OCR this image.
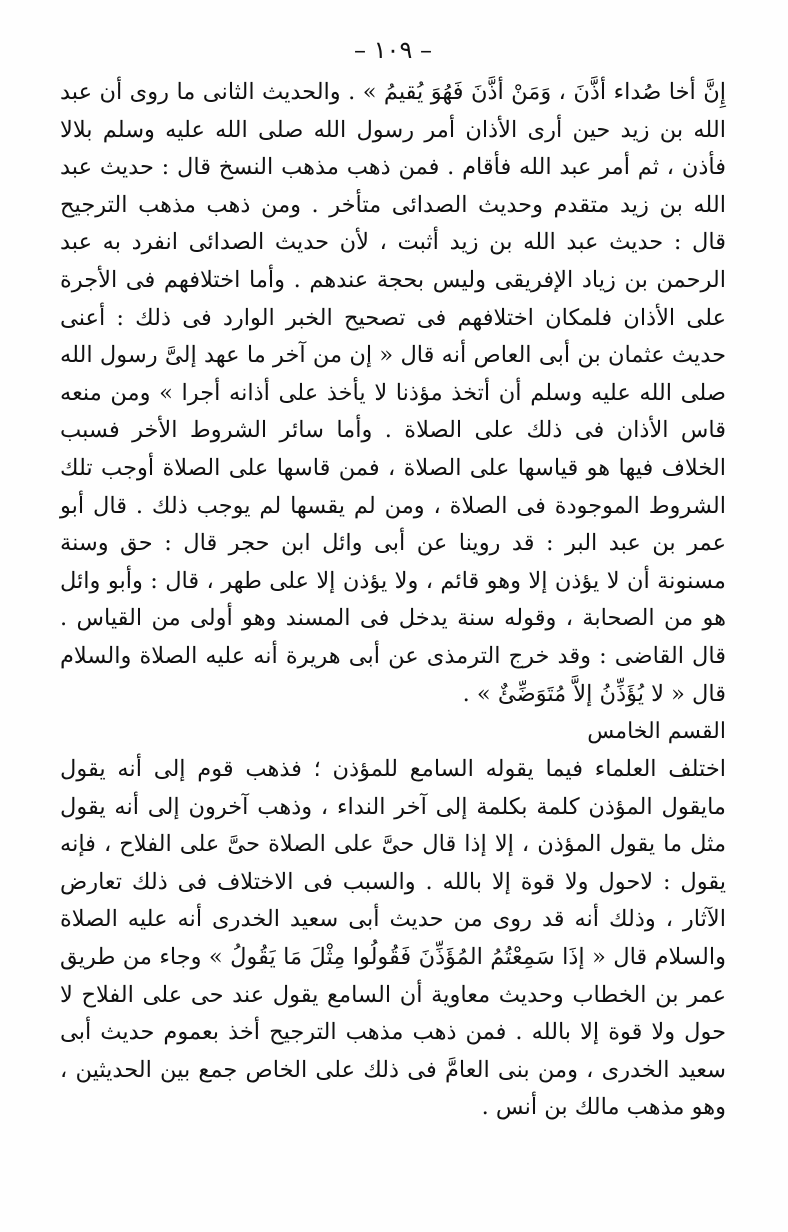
– ١٠٩ –

إِنَّ أخا صُداء أذَّنَ ، وَمَنْ أذَّنَ فَهُوَ يُقيمُ » . والحديث الثانى ما روى أن عبد الله بن زيد حين أرى الأذان أمر رسول الله صلى الله عليه وسلم بلالا فأذن ، ثم أمر عبد الله فأقام . فمن ذهب مذهب النسخ قال : حديث عبد الله بن زيد متقدم وحديث الصدائى متأخر . ومن ذهب مذهب الترجيح قال : حديث عبد الله بن زيد أثبت ، لأن حديث الصدائى انفرد به عبد الرحمن بن زياد الإفريقى وليس بحجة عندهم . وأما اختلافهم فى الأجرة على الأذان فلمكان اختلافهم فى تصحيح الخبر الوارد فى ذلك : أعنى حديث عثمان بن أبى العاص أنه قال « إن من آخر ما عهد إلىَّ رسول الله صلى الله عليه وسلم أن أتخذ مؤذنا لا يأخذ على أذانه أجرا » ومن منعه قاس الأذان فى ذلك على الصلاة . وأما سائر الشروط الأخر فسبب الخلاف فيها هو قياسها على الصلاة ، فمن قاسها على الصلاة أوجب تلك الشروط الموجودة فى الصلاة ، ومن لم يقسها لم يوجب ذلك . قال أبو عمر بن عبد البر : قد روينا عن أبى وائل ابن حجر قال : حق وسنة مسنونة أن لا يؤذن إلا وهو قائم ، ولا يؤذن إلا على طهر ، قال : وأبو وائل هو من الصحابة ، وقوله سنة يدخل فى المسند وهو أولى من القياس . قال القاضى : وقد خرج الترمذى عن أبى هريرة أنه عليه الصلاة والسلام قال « لا يُؤَذِّنُ إلاَّ مُتَوَضِّئٌ » .

القسم الخامس

اختلف العلماء فيما يقوله السامع للمؤذن ؛ فذهب قوم إلى أنه يقول مايقول المؤذن كلمة بكلمة إلى آخر النداء ، وذهب آخرون إلى أنه يقول مثل ما يقول المؤذن ، إلا إذا قال حىَّ على الصلاة حىَّ على الفلاح ، فإنه يقول : لاحول ولا قوة إلا بالله . والسبب فى الاختلاف فى ذلك تعارض الآثار ، وذلك أنه قد روى من حديث أبى سعيد الخدرى أنه عليه الصلاة والسلام قال « إذَا سَمِعْتُمُ المُؤَذِّنَ فَقُولُوا مِثْلَ مَا يَقُولُ » وجاء من طريق عمر بن الخطاب وحديث معاوية أن السامع يقول عند حى على الفلاح لا حول ولا قوة إلا بالله . فمن ذهب مذهب الترجيح أخذ بعموم حديث أبى سعيد الخدرى ، ومن بنى العامَّ فى ذلك على الخاص جمع بين الحديثين ، وهو مذهب مالك بن أنس .
